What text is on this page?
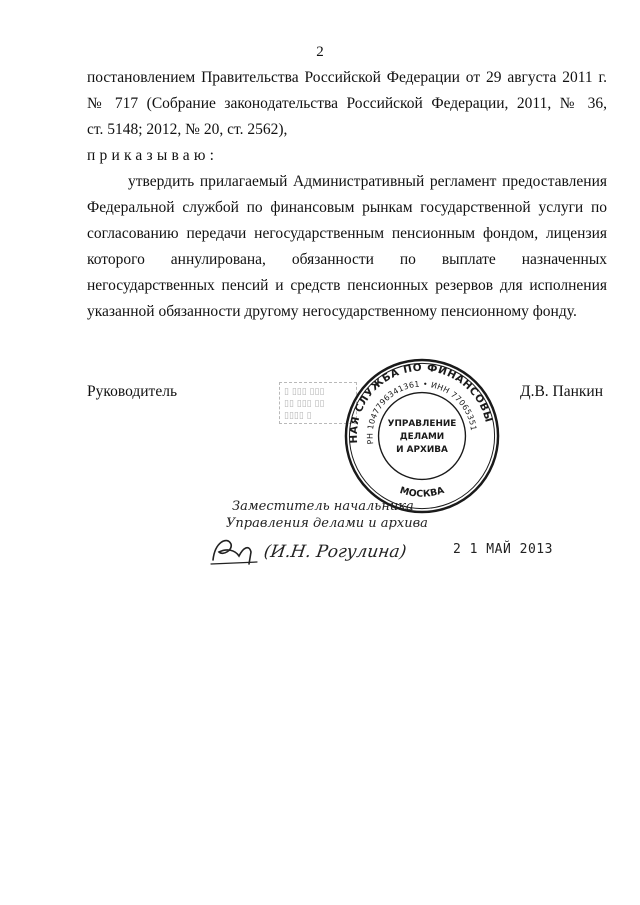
2
постановлением Правительства Российской Федерации от 29 августа 2011 г.
№ 717 (Собрание законодательства Российской Федерации, 2011, № 36,
ст. 5148; 2012, № 20, ст. 2562),
приказываю:
утвердить прилагаемый Административный регламент предоставления
Федеральной службой по финансовым рынкам государственной услуги по
согласованию передачи негосударственным пенсионным фондом, лицензия
которого аннулирована, обязанности по выплате назначенных
негосударственных пенсий и средств пенсионных резервов для исполнения
указанной обязанности другому негосударственному пенсионному фонду.
Руководитель	Д.В. Панкин
▯ ▯▯▯ ▯▯▯
▯▯ ▯▯▯ ▯▯
▯▯▯▯ ▯
ФЕДЕРАЛЬНАЯ СЛУЖБА ПО ФИНАНСОВЫМ
ОГРН 1047796341361 • ИНН 7706535184
МОСКВА
УПРАВЛЕНИЕ
ДЕЛАМИ
И АРХИВА
Заместитель начальника
Управления делами и архива
(И.Н. Рогулина)	2 1 МАЙ 2013
